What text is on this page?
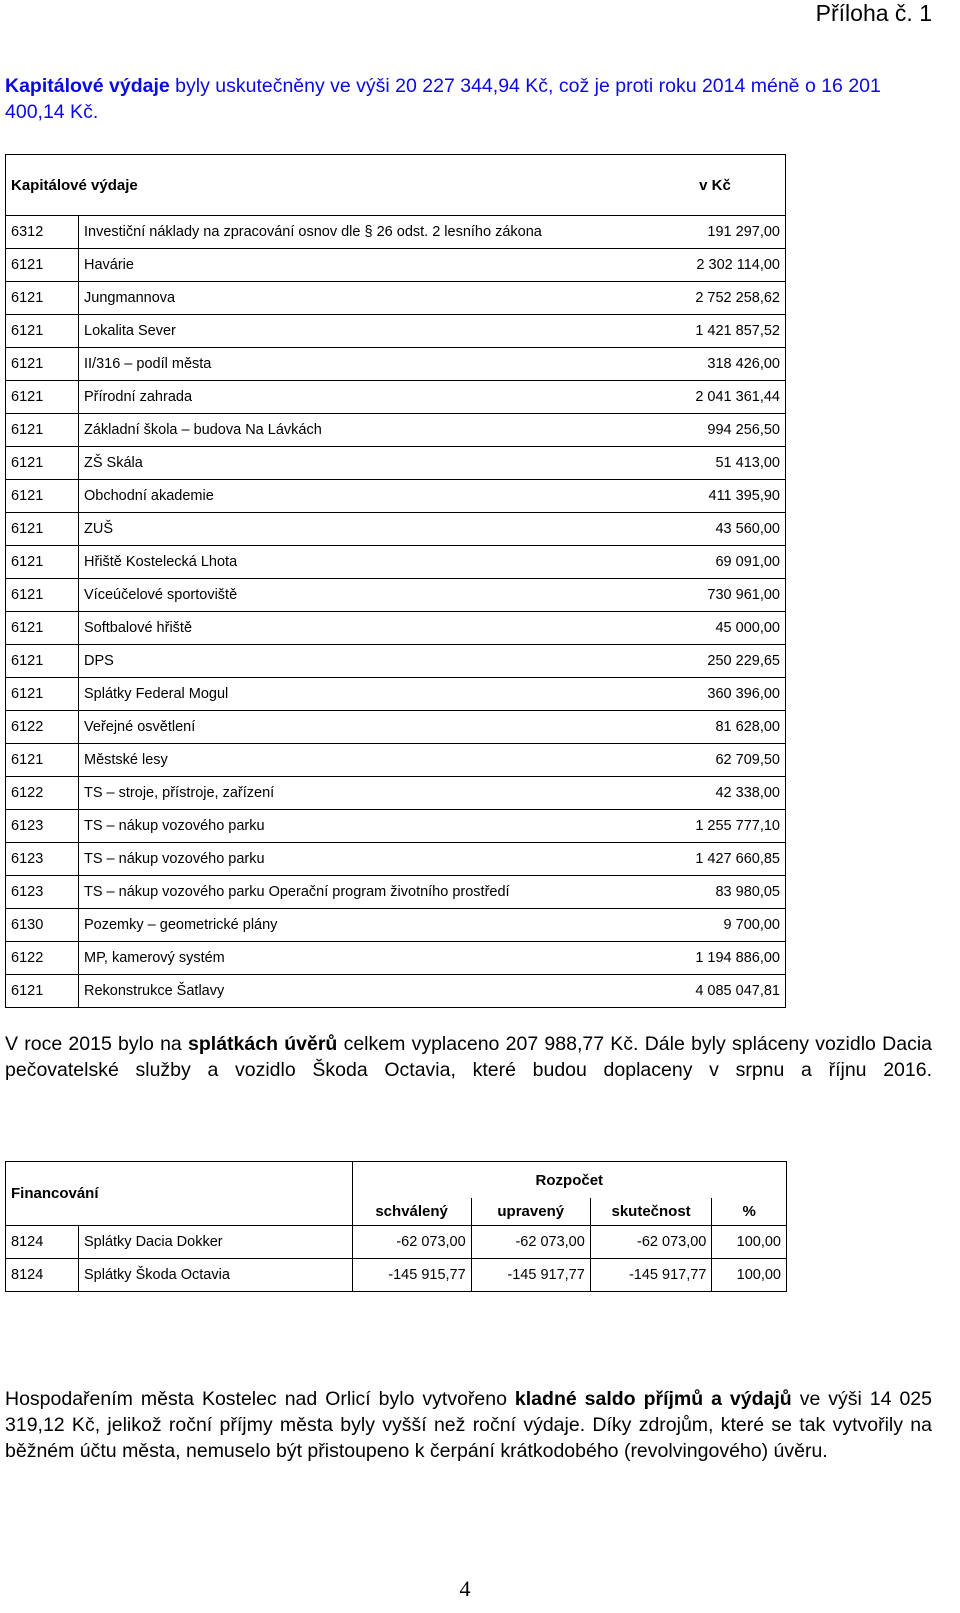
Příloha č. 1
Kapitálové výdaje byly uskutečněny ve výši 20 227 344,94 Kč, což je proti roku 2014 méně o 16 201 400,14 Kč.
Kapitálové výdaje		v Kč
6312	Investiční náklady na zpracování osnov dle § 26 odst. 2 lesního zákona	191 297,00
6121	Havárie	2 302 114,00
6121	Jungmannova	2 752 258,62
6121	Lokalita Sever	1 421 857,52
6121	II/316 – podíl města	318 426,00
6121	Přírodní zahrada	2 041 361,44
6121	Základní škola – budova Na Lávkách	994 256,50
6121	ZŠ Skála	51 413,00
6121	Obchodní akademie	411 395,90
6121	ZUŠ	43 560,00
6121	Hřiště Kostelecká Lhota	69 091,00
6121	Víceúčelové sportoviště	730 961,00
6121	Softbalové hřiště	45 000,00
6121	DPS	250 229,65
6121	Splátky Federal Mogul	360 396,00
6122	Veřejné osvětlení	81 628,00
6121	Městské lesy	62 709,50
6122	TS – stroje, přístroje, zařízení	42 338,00
6123	TS – nákup vozového parku	1 255 777,10
6123	TS – nákup vozového parku	1 427 660,85
6123	TS – nákup vozového parku Operační program životního prostředí	83 980,05
6130	Pozemky – geometrické plány	9 700,00
6122	MP, kamerový systém	1 194 886,00
6121	Rekonstrukce Šatlavy	4 085 047,81
V roce 2015 bylo na splátkách úvěrů celkem vyplaceno 207 988,77 Kč. Dále byly spláceny vozidlo Dacia pečovatelské služby a vozidlo Škoda Octavia, které budou doplaceny v srpnu a říjnu 2016.
Financování		Rozpočet			
		schválený	upravený	skutečnost	%
8124	Splátky Dacia Dokker	-62 073,00	-62 073,00	-62 073,00	100,00
8124	Splátky Škoda Octavia	-145 915,77	-145 917,77	-145 917,77	100,00
Hospodařením města Kostelec nad Orlicí bylo vytvořeno kladné saldo příjmů a výdajů ve výši 14 025 319,12 Kč, jelikož roční příjmy města byly vyšší než roční výdaje. Díky zdrojům, které se tak vytvořily na běžném účtu města, nemuselo být přistoupeno k čerpání krátkodobého (revolvingového) úvěru.
4
